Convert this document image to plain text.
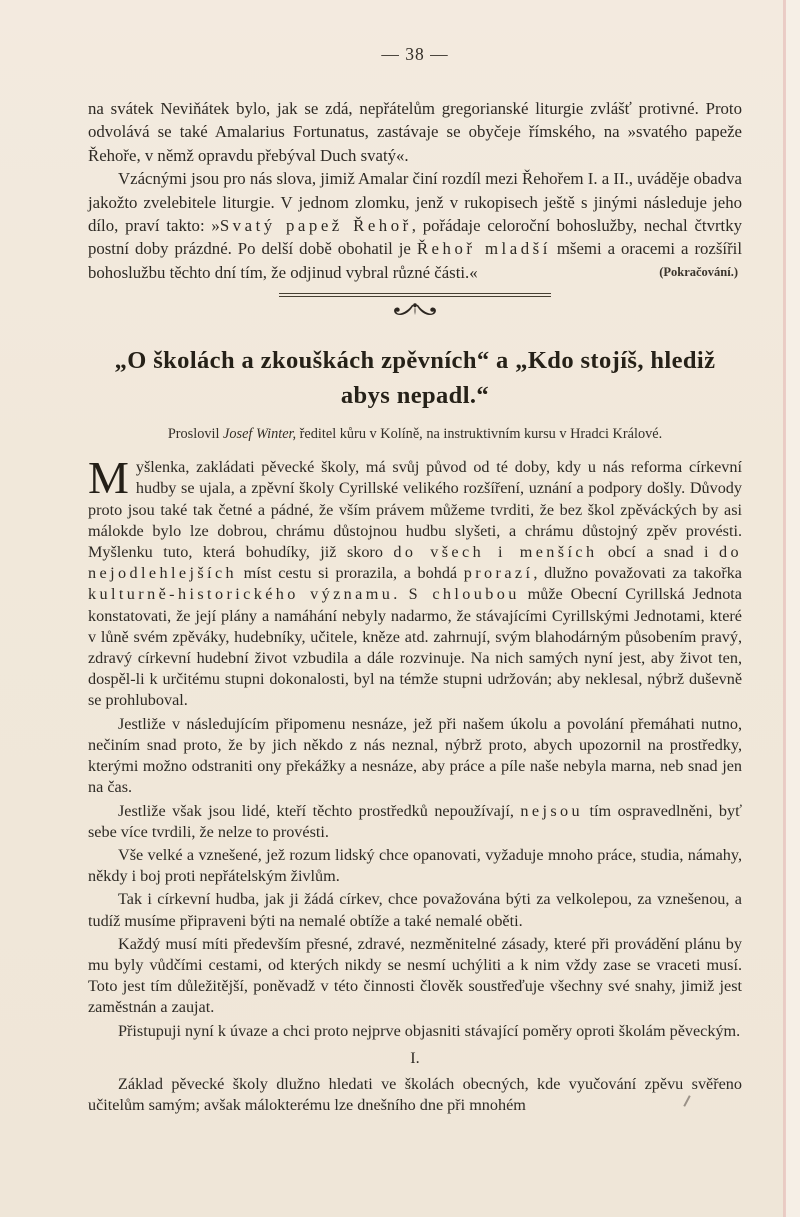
— 38 —

na svátek Neviňátek bylo, jak se zdá, nepřátelům gregorianské liturgie zvlášť protivné. Proto odvolává se také Amalarius Fortunatus, zastávaje se obyčeje římského, na »svatého papeže Řehoře, v němž opravdu přebýval Duch svatý«.

Vzácnými jsou pro nás slova, jimiž Amalar činí rozdíl mezi Řehořem I. a II., uváděje obadva jakožto zvelebitele liturgie. V jednom zlomku, jenž v rukopisech ještě s jinými následuje jeho dílo, praví takto: »Svatý papež Řehoř, pořádaje celoroční bohoslužby, nechal čtvrtky postní doby prázdné. Po delší době obohatil je Řehoř mladší mšemi a oracemi a rozšířil bohoslužbu těchto dní tím, že odjinud vybral různé části.«	(Pokračování.)
„O školách a zkouškách zpěvních“ a „Kdo stojíš, hlediž abys nepadl.“
Proslovil Josef Winter, ředitel kůru v Kolíně, na instruktivním kursu v Hradci Králové.

Myšlenka, zakládati pěvecké školy, má svůj původ od té doby, kdy u nás reforma církevní hudby se ujala, a zpěvní školy Cyrillské velikého rozšíření, uznání a podpory došly. Důvody proto jsou také tak četné a pádné, že vším právem můžeme tvrditi, že bez škol zpěváckých by asi málokde bylo lze dobrou, chrámu důstojnou hudbu slyšeti, a chrámu důstojný zpěv provésti. Myšlenku tuto, která bohudíky, již skoro do všech i menších obcí a snad i do nejodlehlejších míst cestu si prorazila, a bohdá prorazí, dlužno považovati za takořka kulturně-historického významu. S chloubou může Obecní Cyrillská Jednota konstatovati, že její plány a namáhání nebyly nadarmo, že stávajícími Cyrillskými Jednotami, které v lůně svém zpěváky, hudebníky, učitele, kněze atd. zahrnují, svým blahodárným působením pravý, zdravý církevní hudební život vzbudila a dále rozvinuje. Na nich samých nyní jest, aby život ten, dospěl-li k určitému stupni dokonalosti, byl na témže stupni udržován; aby neklesal, nýbrž duševně se prohluboval.

Jestliže v následujícím připomenu nesnáze, jež při našem úkolu a povolání přemáhati nutno, nečiním snad proto, že by jich někdo z nás neznal, nýbrž proto, abych upozornil na prostředky, kterými možno odstraniti ony překážky a nesnáze, aby práce a píle naše nebyla marna, neb snad jen na čas.

Jestliže však jsou lidé, kteří těchto prostředků nepoužívají, nejsou tím ospravedlněni, byť sebe více tvrdili, že nelze to provésti.

Vše velké a vznešené, jež rozum lidský chce opanovati, vyžaduje mnoho práce, studia, námahy, někdy i boj proti nepřátelským živlům.

Tak i církevní hudba, jak ji žádá církev, chce považována býti za velkolepou, za vznešenou, a tudíž musíme připraveni býti na nemalé obtíže a také nemalé oběti.

Každý musí míti především přesné, zdravé, nezměnitelné zásady, které při provádění plánu by mu byly vůdčími cestami, od kterých nikdy se nesmí uchýliti a k nim vždy zase se vraceti musí. Toto jest tím důležitější, poněvadž v této činnosti člověk soustřeďuje všechny své snahy, jimiž jest zaměstnán a zaujat.

Přistupuji nyní k úvaze a chci proto nejprve objasniti stávající poměry oproti školám pěveckým.

I.

Základ pěvecké školy dlužno hledati ve školách obecných, kde vyučování zpěvu svěřeno učitelům samým; avšak málokterému lze dnešního dne při mnohém
